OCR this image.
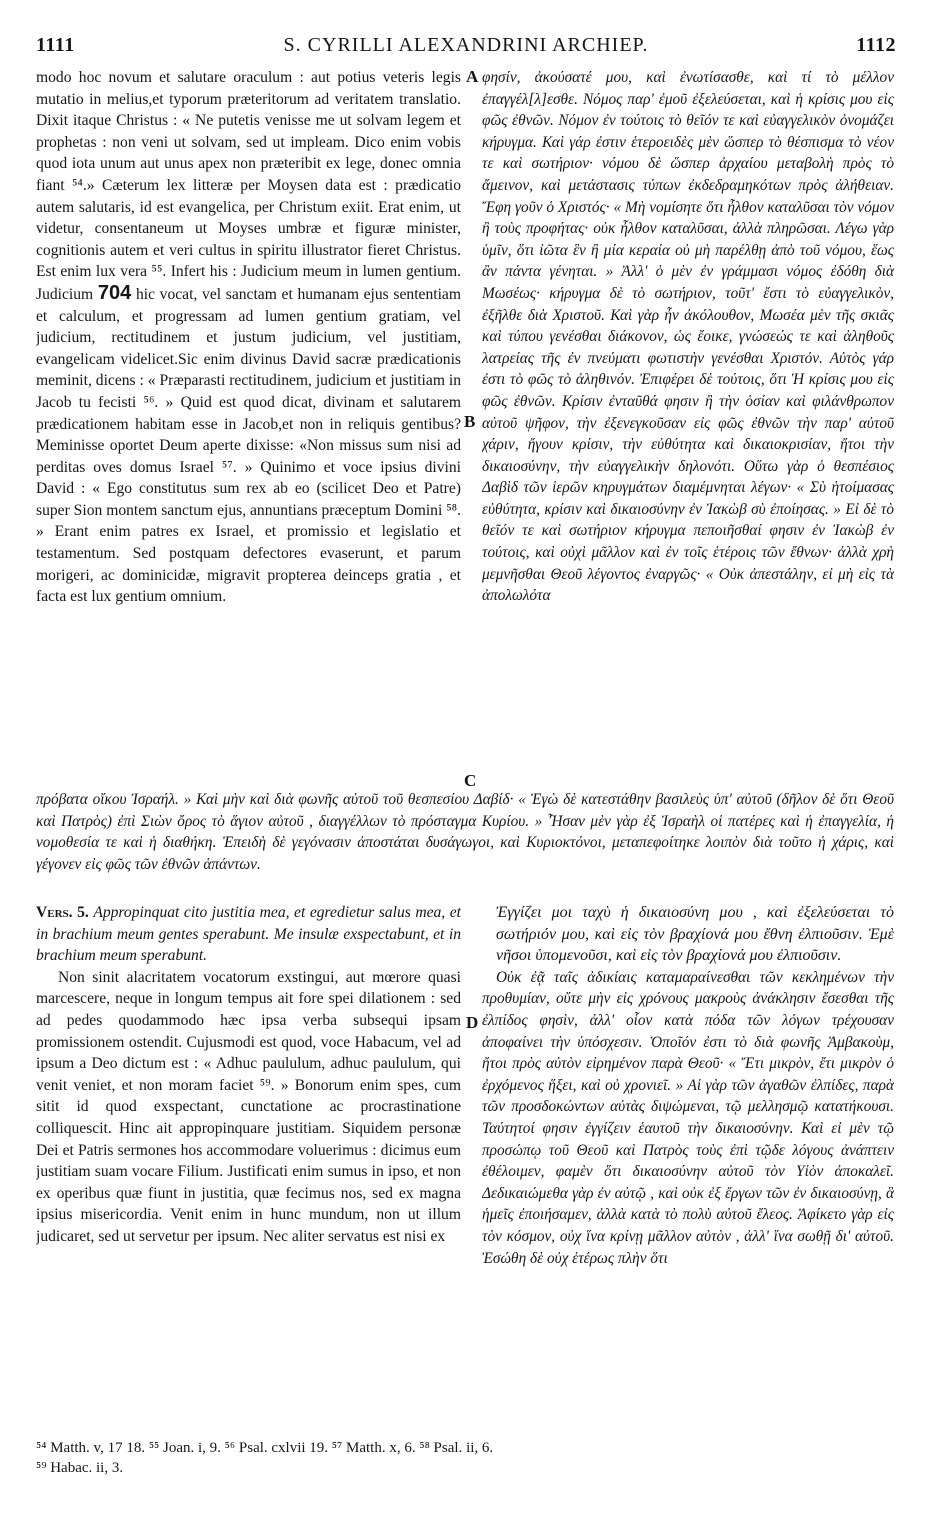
1111	S. CYRILLI ALEXANDRINI ARCHIEP.	1112

modo hoc novum et salutare oraculum : aut potius veteris legis mutatio in melius,et typorum præteritorum ad veritatem translatio. Dixit itaque Christus : « Ne putetis venisse me ut solvam legem et prophetas : non veni ut solvam, sed ut impleam. Dico enim vobis quod iota unum aut unus apex non præteribit ex lege, donec omnia fiant ⁵⁴.» Cæterum lex litteræ per Moysen data est : prædicatio autem salutaris, id est evangelica, per Christum exiit. Erat enim, ut videtur, consentaneum ut Moyses umbræ et figuræ minister, cognitionis autem et veri cultus in spiritu illustrator fieret Christus. Est enim lux vera ⁵⁵. Infert his : Judicium meum in lumen gentium. Judicium 704 hic vocat, vel sanctam et humanam ejus sententiam et calculum, et progressam ad lumen gentium gratiam, vel judicium, rectitudinem et justum judicium, vel justitiam, evangelicam videlicet.Sic enim divinus David sacræ prædicationis meminit, dicens : « Præparasti rectitudinem, judicium et justitiam in Jacob tu fecisti ⁵⁶. » Quid est quod dicat, divinam et salutarem prædicationem habitam esse in Jacob,et non in reliquis gentibus? Meminisse oportet Deum aperte dixisse: «Non missus sum nisi ad perditas oves domus Israel ⁵⁷. » Quinimo et voce ipsius divini David : « Ego constitutus sum rex ab eo (scilicet Deo et Patre) super Sion montem sanctum ejus, annuntians præceptum Domini ⁵⁸. » Erant enim patres ex Israel, et promissio et legislatio et testamentum. Sed postquam defectores evaserunt, et parum morigeri, ac dominicidæ, migravit propterea deinceps gratia , et facta est lux gentium omnium.

φησίν, ἀκούσατέ μου, καὶ ἐνωτίσασθε, καὶ τί τὸ μέλλον ἐπαγγέλ[λ]εσθε. Νόμος παρ' ἐμοῦ ἐξελεύσεται, καὶ ἡ κρίσις μου εἰς φῶς ἐθνῶν. Νόμον ἐν τούτοις τὸ θεῖόν τε καὶ εὐαγγελικὸν ὀνομάζει κήρυγμα. Καὶ γάρ ἐστιν ἑτεροειδὲς μὲν ὥσπερ τὸ θέσπισμα τὸ νέον τε καὶ σωτήριον· νόμου δὲ ὥσπερ ἀρχαίου μεταβολὴ πρὸς τὸ ἄμεινον, καὶ μετάστασις τύπων ἐκδεδραμηκότων πρὸς ἀλήθειαν. Ἔφη γοῦν ὁ Χριστός· « Μὴ νομίσητε ὅτι ἦλθον καταλῦσαι τὸν νόμον ἢ τοὺς προφήτας· οὐκ ἦλθον καταλῦσαι, ἀλλὰ πληρῶσαι. Λέγω γὰρ ὑμῖν, ὅτι ἰῶτα ἓν ἢ μία κεραία οὐ μὴ παρέλθῃ ἀπὸ τοῦ νόμου, ἕως ἂν πάντα γένηται. » Ἀλλ' ὁ μὲν ἐν γράμμασι νόμος ἐδόθη διὰ Μωσέως· κήρυγμα δὲ τὸ σωτήριον, τοῦτ' ἔστι τὸ εὐαγγελικὸν, ἐξῆλθε διὰ Χριστοῦ. Καὶ γὰρ ἦν ἀκόλουθον, Μωσέα μὲν τῆς σκιᾶς καὶ τύπου γενέσθαι διάκονον, ὡς ἔοικε, γνώσεώς τε καὶ ἀληθοῦς λατρείας τῆς ἐν πνεύματι φωτιστὴν γενέσθαι Χριστόν. Αὐτὸς γάρ ἐστι τὸ φῶς τὸ ἀληθινόν. Ἐπιφέρει δὲ τούτοις, ὅτι Ἡ κρίσις μου εἰς φῶς ἐθνῶν. Κρίσιν ἐνταῦθά φησιν ἢ τὴν ὁσίαν καὶ φιλάνθρωπον αὐτοῦ ψῆφον, τὴν ἐξενεγκοῦσαν εἰς φῶς ἐθνῶν τὴν παρ' αὐτοῦ χάριν, ἤγουν κρίσιν, τὴν εὐθύτητα καὶ δικαιοκρισίαν, ἤτοι τὴν δικαιοσύνην, τὴν εὐαγγελικὴν δηλονότι. Οὕτω γὰρ ὁ θεσπέσιος Δαβὶδ τῶν ἱερῶν κηρυγμάτων διαμέμνηται λέγων· « Σὺ ἡτοίμασας εὐθύτητα, κρίσιν καὶ δικαιοσύνην ἐν Ἰακὼβ σὺ ἐποίησας. » Εἰ δὲ τὸ θεῖόν τε καὶ σωτήριον κήρυγμα πεποιῆσθαί φησιν ἐν Ἰακὼβ ἐν τούτοις, καὶ οὐχὶ μᾶλλον καὶ ἐν τοῖς ἑτέροις τῶν ἔθνων· ἀλλὰ χρὴ μεμνῆσθαι Θεοῦ λέγοντος ἐναργῶς· « Οὐκ ἀπεστάλην, εἰ μὴ εἰς τὰ ἀπολωλότα

A
B
C
D
πρόβατα οἴκου Ἰσραήλ. » Καὶ μὴν καὶ διὰ φωνῆς αὐτοῦ τοῦ θεσπεσίου Δαβίδ· « Ἐγὼ δὲ κατεστάθην βασιλεὺς ὑπ' αὐτοῦ (δῆλον δὲ ὅτι Θεοῦ καὶ Πατρὸς) ἐπὶ Σιὼν ὄρος τὸ ἅγιον αὐτοῦ , διαγγέλλων τὸ πρόσταγμα Κυρίου. » Ἦσαν μὲν γὰρ ἐξ Ἰσραὴλ οἱ πατέρες καὶ ἡ ἐπαγγελία, ἡ νομοθεσία τε καὶ ἡ διαθήκη. Ἐπειδὴ δὲ γεγόνασιν ἀποστάται δυσάγωγοι, καὶ Κυριοκτόνοι, μεταπεφοίτηκε λοιπὸν διὰ τοῦτο ἡ χάρις, καὶ γέγονεν εἰς φῶς τῶν ἐθνῶν ἁπάντων.

Vers. 5. Appropinquat cito justitia mea, et egredietur salus mea, et in brachium meum gentes sperabunt. Me insulæ exspectabunt, et in brachium meum sperabunt.

Non sinit alacritatem vocatorum exstingui, aut mœrore quasi marcescere, neque in longum tempus ait fore spei dilationem : sed ad pedes quodammodo hæc ipsa verba subsequi ipsam promissionem ostendit. Cujusmodi est quod, voce Habacum, vel ad ipsum a Deo dictum est : « Adhuc paululum, adhuc paululum, qui venit veniet, et non moram faciet ⁵⁹. » Bonorum enim spes, cum sitit id quod exspectant, cunctatione ac procrastinatione colliquescit. Hinc ait appropinquare justitiam. Siquidem personæ Dei et Patris sermones hos accommodare voluerimus : dicimus eum justitiam suam vocare Filium. Justificati enim sumus in ipso, et non ex operibus quæ fiunt in justitia, quæ fecimus nos, sed ex magna ipsius misericordia. Venit enim in hunc mundum, non ut illum judicaret, sed ut servetur per ipsum. Nec aliter servatus est nisi ex

Ἐγγίζει μοι ταχὺ ἡ δικαιοσύνη μου , καὶ ἐξελεύσεται τὸ σωτήριόν μου, καὶ εἰς τὸν βραχίονά μου ἔθνη ἐλπιοῦσιν. Ἐμὲ νῆσοι ὑπομενοῦσι, καὶ εἰς τὸν βραχίονά μου ἐλπιοῦσιν.

Οὐκ ἐᾷ ταῖς ἀδικίαις καταμαραίνεσθαι τῶν κεκλημένων τὴν προθυμίαν, οὔτε μὴν εἰς χρόνους μακροὺς ἀνάκλησιν ἔσεσθαι τῆς ἐλπίδος φησὶν, ἀλλ' οἷον κατὰ πόδα τῶν λόγων τρέχουσαν ἀποφαίνει τὴν ὑπόσχεσιν. Ὁποῖόν ἐστι τὸ διὰ φωνῆς Ἀμβακοὺμ, ἤτοι πρὸς αὐτὸν εἰρημένον παρὰ Θεοῦ· « Ἔτι μικρὸν, ἔτι μικρὸν ὁ ἐρχόμενος ἥξει, καὶ οὐ χρονιεῖ. » Αἱ γὰρ τῶν ἀγαθῶν ἐλπίδες, παρὰ τῶν προσδοκώντων αὐτὰς διψώμεναι, τῷ μελλησμῷ κατατήκουσι. Ταύτητοί φησιν ἐγγίζειν ἑαυτοῦ τὴν δικαιοσύνην. Καὶ εἰ μὲν τῷ προσώπῳ τοῦ Θεοῦ καὶ Πατρὸς τοὺς ἐπὶ τῷδε λόγους ἀνάπτειν ἐθέλοιμεν, φαμὲν ὅτι δικαιοσύνην αὐτοῦ τὸν Υἱὸν ἀποκαλεῖ. Δεδικαιώμεθα γὰρ ἐν αὐτῷ , καὶ οὐκ ἐξ ἔργων τῶν ἐν δικαιοσύνῃ, ἃ ἡμεῖς ἐποιήσαμεν, ἀλλὰ κατὰ τὸ πολὺ αὐτοῦ ἔλεος. Ἀφίκετο γὰρ εἰς τὸν κόσμον, οὐχ ἵνα κρίνῃ μᾶλλον αὐτὸν , ἀλλ' ἵνα σωθῇ δι' αὐτοῦ. Ἐσώθη δὲ οὐχ ἑτέρως πλὴν ὅτι

⁵⁴ Matth. v, 17 18. ⁵⁵ Joan. i, 9. ⁵⁶ Psal. cxlvii 19. ⁵⁷ Matth. x, 6. ⁵⁸ Psal. ii, 6.

⁵⁹ Habac. ii, 3.
